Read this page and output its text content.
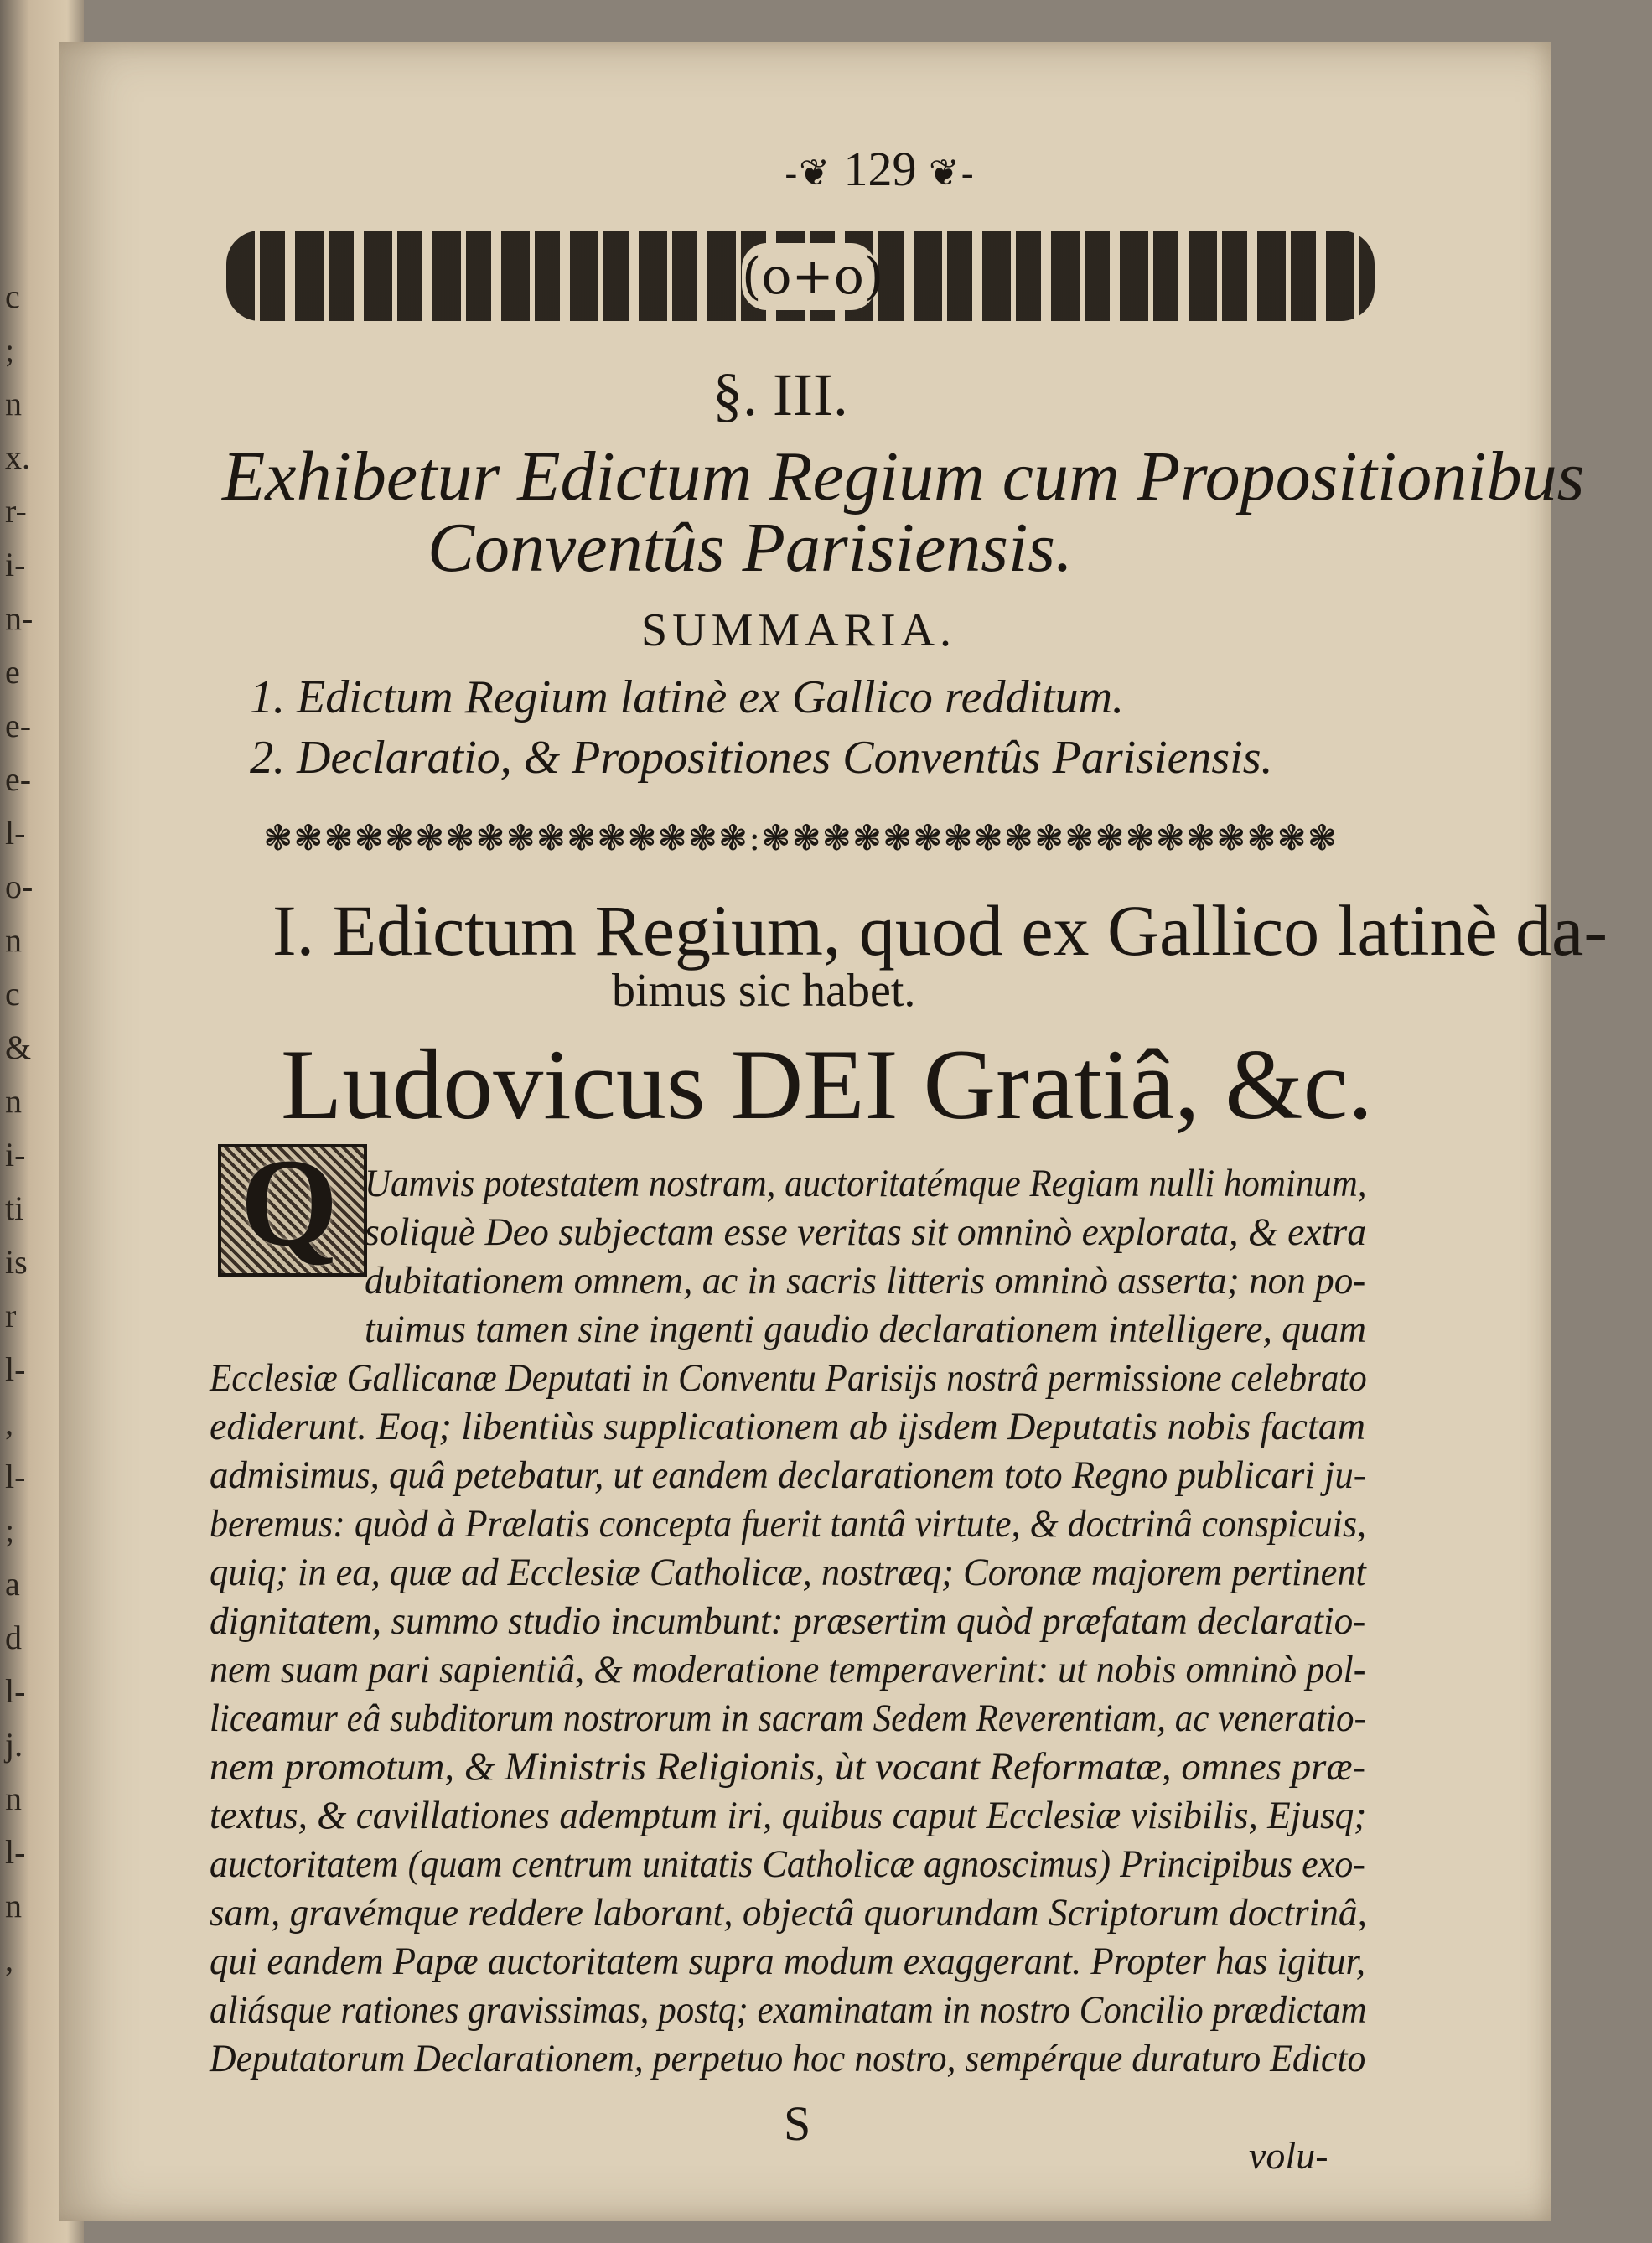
c
;
n
x.
r-
i-
n-
e
e-
e-
l-
o-
n
c
&
n
i-
ti
is
r
l-
,
l-
;
a
d
l-
j.
n
l-
n
,
-❦ 129 ❦-
(o+o)
§. III.
Exhibetur Edictum Regium cum Propositionibus
Conventûs Parisiensis.
SUMMARIA.
1. Edictum Regium latinè ex Gallico redditum.
2. Declaratio, & Propositiones Conventûs Parisiensis.
❃❃❃❃❃❃❃❃❃❃❃❃❃❃❃❃:❃❃❃❃❃❃❃❃❃❃❃❃❃❃❃❃❃❃❃
I. Edictum Regium, quod ex Gallico latinè da-
bimus sic habet.
Ludovicus DEI Gratiâ, &c.
Q Uamvis potestatem nostram, auctoritatémque Regiam nulli hominum,
soliquè Deo subjectam esse veritas sit omninò explorata, & extra
dubitationem omnem, ac in sacris litteris omninò asserta; non po-
tuimus tamen sine ingenti gaudio declarationem intelligere, quam
Ecclesiæ Gallicanæ Deputati in Conventu Parisijs nostrâ permissione celebrato
ediderunt. Eoq; libentiùs supplicationem ab ijsdem Deputatis nobis factam
admisimus, quâ petebatur, ut eandem declarationem toto Regno publicari ju-
beremus: quòd à Prælatis concepta fuerit tantâ virtute, & doctrinâ conspicuis,
quiq; in ea, quæ ad Ecclesiæ Catholicæ, nostræq; Coronæ majorem pertinent
dignitatem, summo studio incumbunt: præsertim quòd præfatam declaratio-
nem suam pari sapientiâ, & moderatione temperaverint: ut nobis omninò pol-
liceamur eâ subditorum nostrorum in sacram Sedem Reverentiam, ac veneratio-
nem promotum, & Ministris Religionis, ùt vocant Reformatæ, omnes præ-
textus, & cavillationes ademptum iri, quibus caput Ecclesiæ visibilis, Ejusq;
auctoritatem (quam centrum unitatis Catholicæ agnoscimus) Principibus exo-
sam, gravémque reddere laborant, objectâ quorundam Scriptorum doctrinâ,
qui eandem Papæ auctoritatem supra modum exaggerant. Propter has igitur,
aliásque rationes gravissimas, postq; examinatam in nostro Concilio prædictam
Deputatorum Declarationem, perpetuo hoc nostro, sempérque duraturo Edicto
S
volu-
